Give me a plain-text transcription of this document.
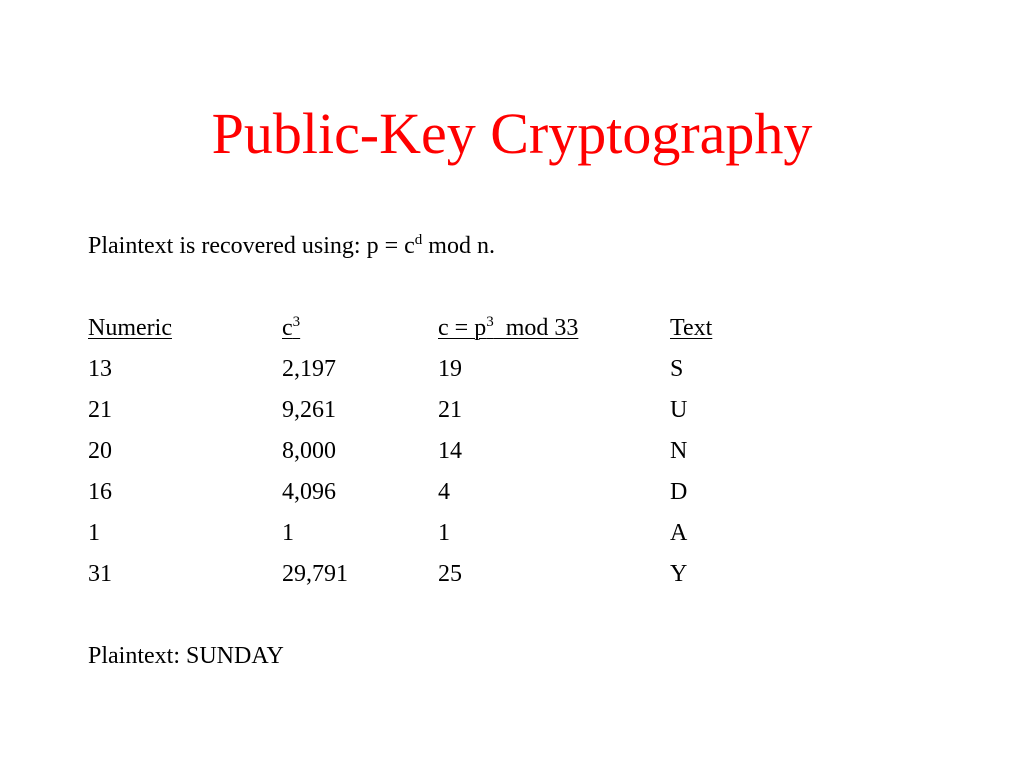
Public-Key Cryptography
Plaintext is recovered using: $p = c^d$ mod n.
Numeric	$c^3$	$c = p^3$  mod 33	Text
13	2,197	19	S
21	9,261	21	U
20	8,000	14	N
16	4,096	4	D
1	1	1	A
31	29,791	25	Y
Plaintext: SUNDAY
